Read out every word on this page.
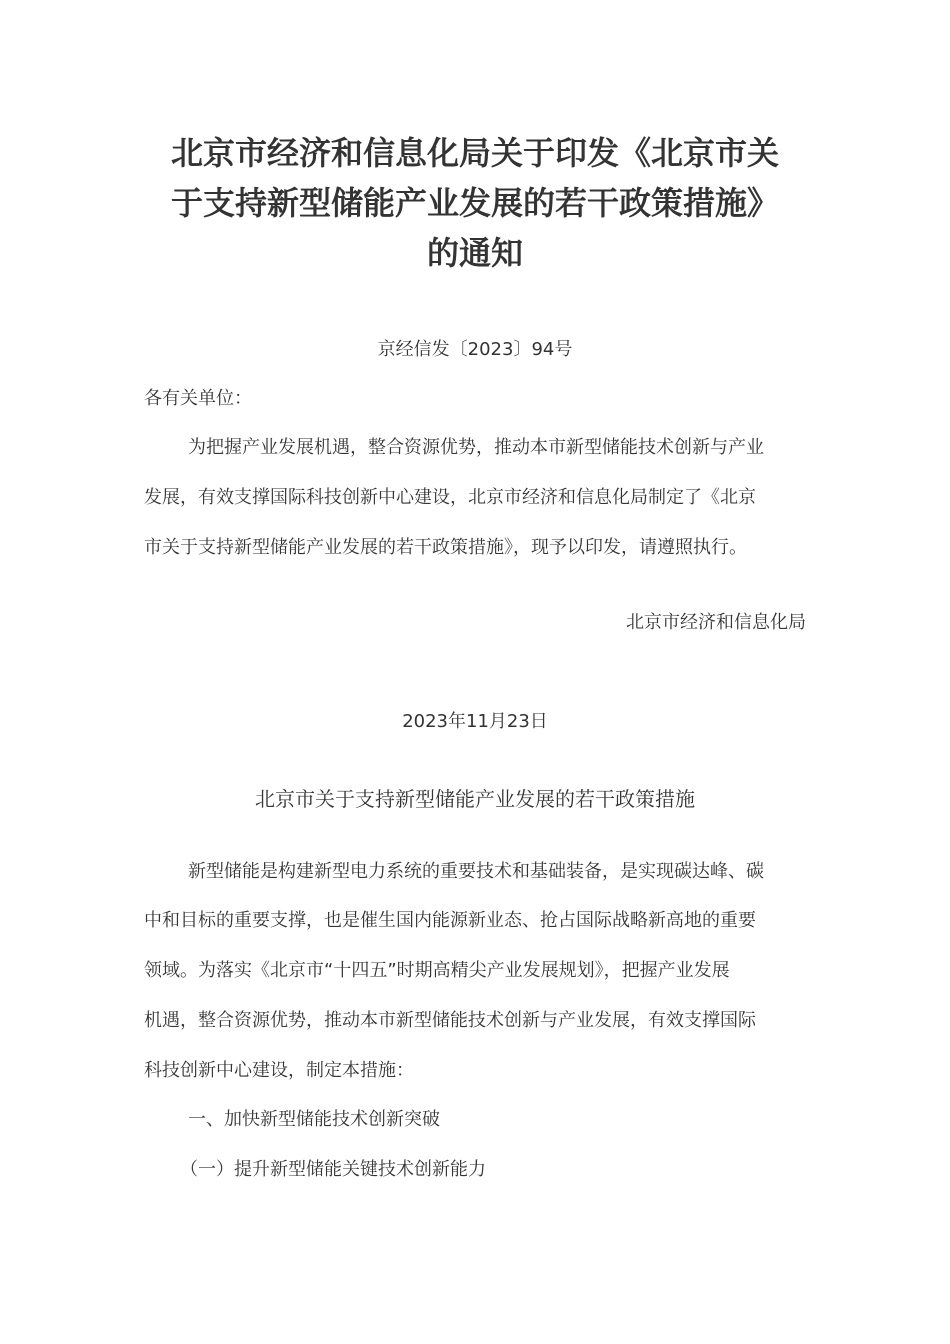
北京市经济和信息化局关于印发《北京市关
于支持新型储能产业发展的若干政策措施》
的通知

京经信发〔2023〕94号

各有关单位：

为把握产业发展机遇，整合资源优势，推动本市新型储能技术创新与产业

发展，有效支撑国际科技创新中心建设，北京市经济和信息化局制定了《北京

市关于支持新型储能产业发展的若干政策措施》，现予以印发，请遵照执行。

北京市经济和信息化局

2023年11月23日

北京市关于支持新型储能产业发展的若干政策措施

新型储能是构建新型电力系统的重要技术和基础装备，是实现碳达峰、碳

中和目标的重要支撑，也是催生国内能源新业态、抢占国际战略新高地的重要

领域。为落实《北京市“十四五”时期高精尖产业发展规划》，把握产业发展

机遇，整合资源优势，推动本市新型储能技术创新与产业发展，有效支撑国际

科技创新中心建设，制定本措施：

一、加快新型储能技术创新突破

（一）提升新型储能关键技术创新能力
